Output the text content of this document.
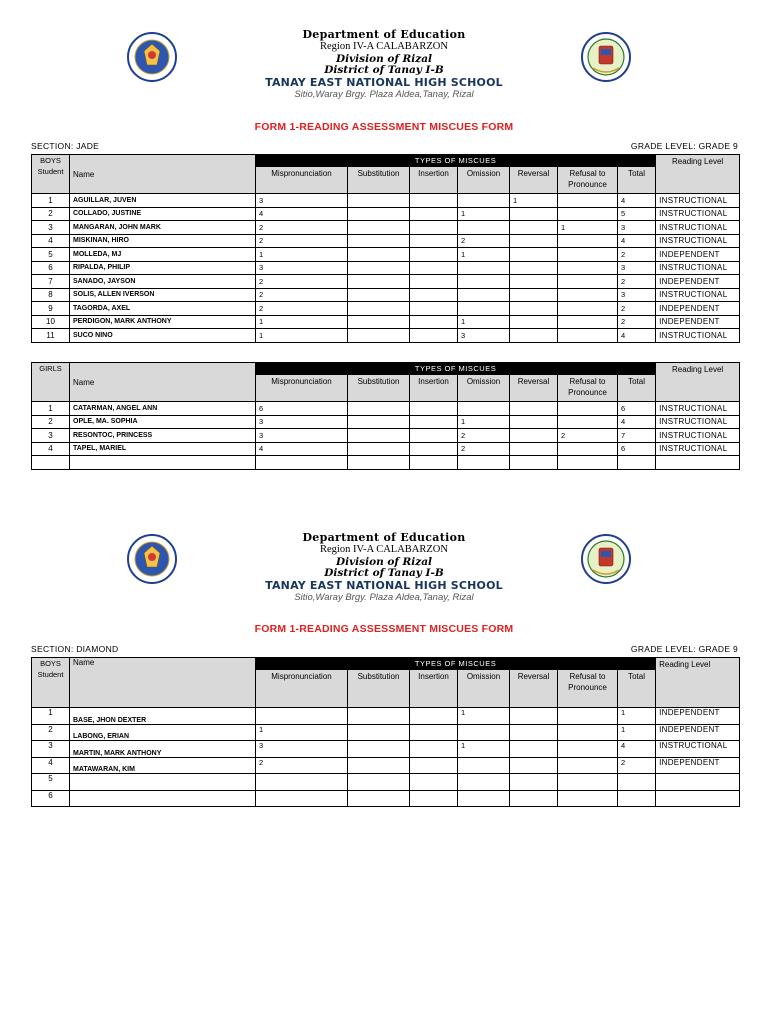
Department of Education
Region IV-A CALABARZON
Division of Rizal
District of Tanay I-B
TANAY EAST NATIONAL HIGH SCHOOL
Sitio,Waray Brgy. Plaza Aldea,Tanay, Rizal
FORM 1-READING ASSESSMENT MISCUES FORM
SECTION: JADE	GRADE LEVEL: GRADE 9
BOYS
Student	Name	TYPES OF MISCUES							Reading Level
		Mispronunciation	Substitution	Insertion	Omission	Reversal	Refusal to Pronounce	Total	
1	AGUILLAR, JUVEN	3				1		4	INSTRUCTIONAL
2	COLLADO, JUSTINE	4			1			5	INSTRUCTIONAL
3	MANGARAN, JOHN MARK	2					1	3	INSTRUCTIONAL
4	MISKINAN, HIRO	2			2			4	INSTRUCTIONAL
5	MOLLEDA, MJ	1			1			2	INDEPENDENT
6	RIPALDA, PHILIP	3						3	INSTRUCTIONAL
7	SANADO, JAYSON	2						2	INDEPENDENT
8	SOLIS, ALLEN IVERSON	2						3	INSTRUCTIONAL
9	TAGORDA, AXEL	2						2	INDEPENDENT
10	PERDIGON, MARK ANTHONY	1			1			2	INDEPENDENT
11	SUCO NINO	1			3			4	INSTRUCTIONAL
GIRLS	Name	TYPES OF MISCUES							Reading Level
		Mispronunciation	Substitution	Insertion	Omission	Reversal	Refusal to Pronounce	Total	
1	CATARMAN, ANGEL ANN	6						6	INSTRUCTIONAL
2	OPLE, MA. SOPHIA	3			1			4	INSTRUCTIONAL
3	RESONTOC, PRINCESS	3			2		2	7	INSTRUCTIONAL
4	TAPEL, MARIEL	4			2			6	INSTRUCTIONAL

Department of Education
Region IV-A CALABARZON
Division of Rizal
District of Tanay I-B
TANAY EAST NATIONAL HIGH SCHOOL
Sitio,Waray Brgy. Plaza Aldea,Tanay, Rizal
FORM 1-READING ASSESSMENT MISCUES FORM
SECTION: DIAMOND	GRADE LEVEL: GRADE 9
BOYS
Student	Name	TYPES OF MISCUES							Reading Level
		Mispronunciation	Substitution	Insertion	Omission	Reversal	Refusal to Pronounce	Total	
1	BASE, JHON DEXTER				1			1	INDEPENDENT
2	LABONG, ERIAN	1						1	INDEPENDENT
3	MARTIN, MARK ANTHONY	3			1			4	INSTRUCTIONAL
4	MATAWARAN, KIM	2						2	INDEPENDENT
5									
6									
